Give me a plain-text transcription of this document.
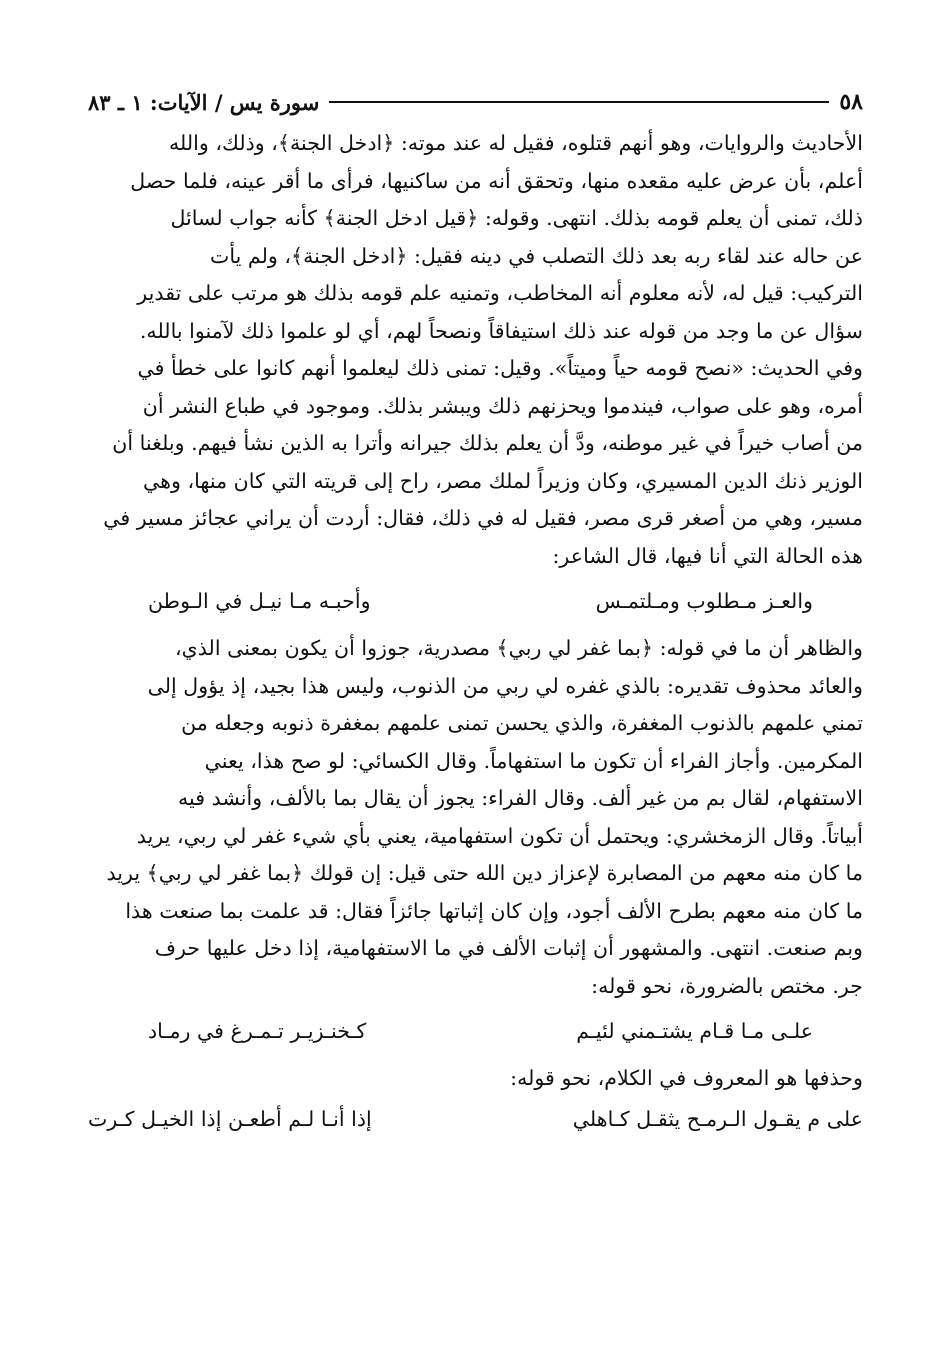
٥٨
سورة يس / الآيات: ١ ـ ٨٣

الأحاديث والروايات، وهو أنهم قتلوه، فقيل له عند موته: ﴿ادخل الجنة﴾، وذلك، والله

أعلم، بأن عرض عليه مقعده منها، وتحقق أنه من ساكنيها، فرأى ما أقر عينه، فلما حصل

ذلك، تمنى أن يعلم قومه بذلك. انتهى. وقوله: ﴿قيل ادخل الجنة﴾ كأنه جواب لسائل

عن حاله عند لقاء ربه بعد ذلك التصلب في دينه فقيل: ﴿ادخل الجنة﴾، ولم يأت

التركيب: قيل له، لأنه معلوم أنه المخاطب، وتمنيه علم قومه بذلك هو مرتب على تقدير

سؤال عن ما وجد من قوله عند ذلك استيفاقاً ونصحاً لهم، أي لو علموا ذلك لآمنوا بالله.

وفي الحديث: «نصح قومه حياً وميتاً». وقيل: تمنى ذلك ليعلموا أنهم كانوا على خطأ في

أمره، وهو على صواب، فيندموا ويحزنهم ذلك ويبشر بذلك. وموجود في طباع النشر أن

من أصاب خيراً في غير موطنه، ودَّ أن يعلم بذلك جيرانه وأترا به الذين نشأ فيهم. وبلغنا أن

الوزير ذنك الدين المسيري، وكان وزيراً لملك مصر، راح إلى قريته التي كان منها، وهي

مسير، وهي من أصغر قرى مصر، فقيل له في ذلك، فقال: أردت أن يراني عجائز مسير في

هذه الحالة التي أنا فيها، قال الشاعر:

والعـز مـطلوب ومـلتمـس
وأحبـه مـا نيـل في الـوطن

والظاهر أن ما في قوله: ﴿بما غفر لي ربي﴾ مصدرية، جوزوا أن يكون بمعنى الذي،

والعائد محذوف تقديره: بالذي غفره لي ربي من الذنوب، وليس هذا بجيد، إذ يؤول إلى

تمني علمهم بالذنوب المغفرة، والذي يحسن تمنى علمهم بمغفرة ذنوبه وجعله من

المكرمين. وأجاز الفراء أن تكون ما استفهاماً. وقال الكسائي: لو صح هذا، يعني

الاستفهام، لقال بم من غير ألف. وقال الفراء: يجوز أن يقال بما بالألف، وأنشد فيه

أبياتاً. وقال الزمخشري: ويحتمل أن تكون استفهامية، يعني بأي شيء غفر لي ربي، يريد

ما كان منه معهم من المصابرة لإعزاز دين الله حتى قيل: إن قولك ﴿بما غفر لي ربي﴾ يريد

ما كان منه معهم بطرح الألف أجود، وإن كان إثباتها جائزاً فقال: قد علمت بما صنعت هذا

وبم صنعت. انتهى. والمشهور أن إثبات الألف في ما الاستفهامية، إذا دخل عليها حرف

جر. مختص بالضرورة، نحو قوله:

علـى مـا قـام يشتـمني لئيـم
كـخنـزيـر تـمـرغ في رمـاد

وحذفها هو المعروف في الكلام، نحو قوله:

على م يقـول الـرمـح يثقـل كـاهلي
إذا أنـا لـم أطعـن إذا الخيـل كـرت
